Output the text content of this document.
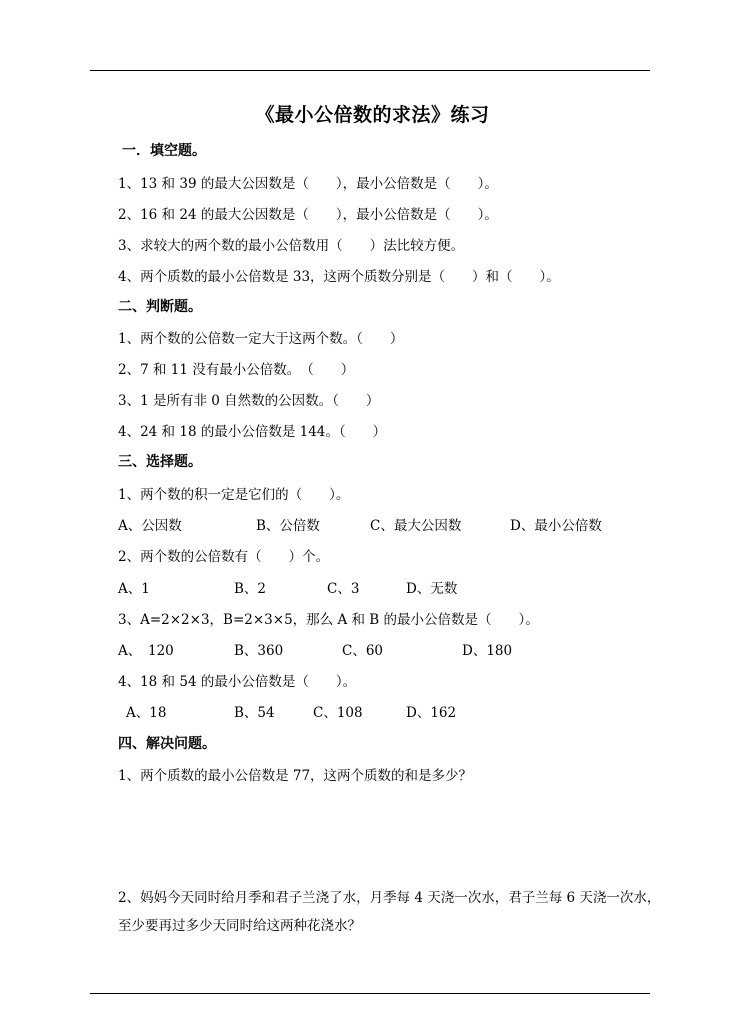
《最小公倍数的求法》练习
一．填空题。
1、13 和 39 的最大公因数是（　　），最小公倍数是（　　）。
2、16 和 24 的最大公因数是（　　），最小公倍数是（　　）。
3、求较大的两个数的最小公倍数用（　　）法比较方便。
4、两个质数的最小公倍数是 33，这两个质数分别是（　　）和（　　）。
二、判断题。
1、两个数的公倍数一定大于这两个数。（　　）
2、7 和 11 没有最小公倍数。　（　　）
3、1 是所有非 0 自然数的公因数。（　　）
4、24 和 18 的最小公倍数是 144。（　　）
三、选择题。
1、两个数的积一定是它们的（　　）。
A、公因数	B、公倍数	C、最大公因数	D、最小公倍数
2、两个数的公倍数有（　　）个。
A、1	B、2	C、3	D、无数
3、A=2×2×3，B=2×3×5，那么 A 和 B 的最小公倍数是（　　）。
A、　120	B、360	C、60	D、180
4、18 和 54 的最小公倍数是（　　）。
A、18	B、54	C、108	D、162
四、解决问题。
1、两个质数的最小公倍数是 77，这两个质数的和是多少？
2、妈妈今天同时给月季和君子兰浇了水，月季每 4 天浇一次水，君子兰每 6 天浇一次水，至少要再过多少天同时给这两种花浇水？
